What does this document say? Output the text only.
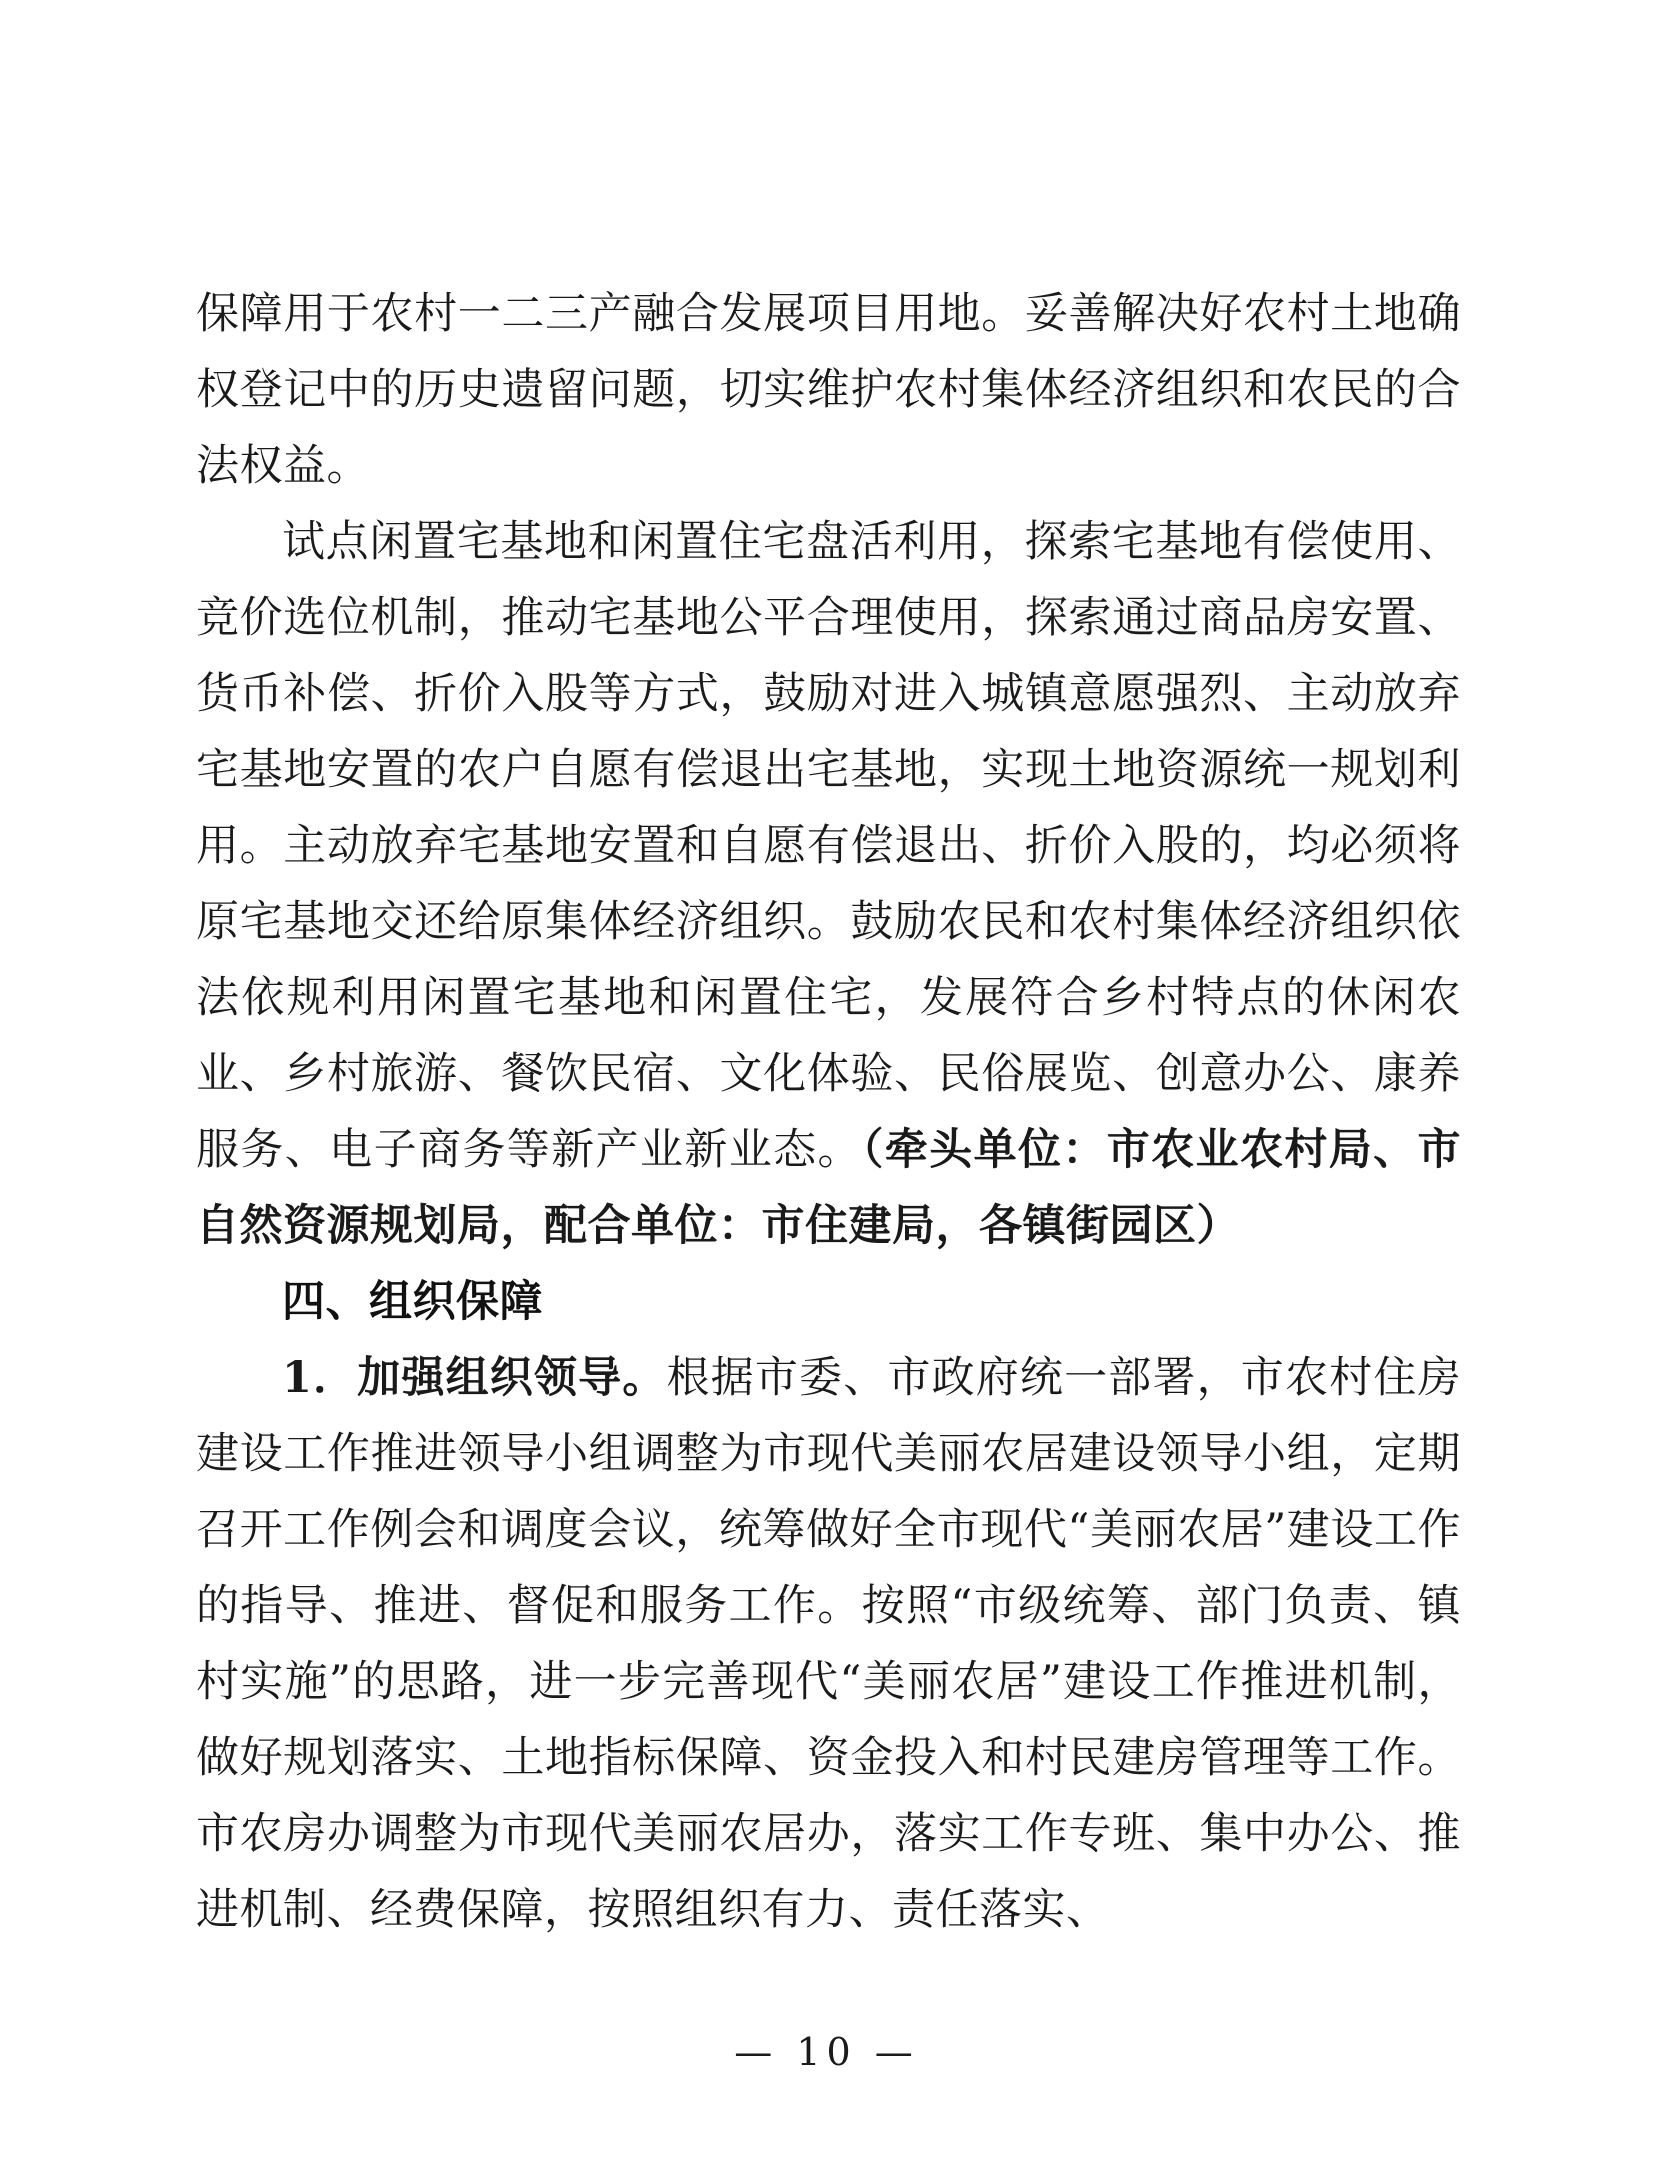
保障用于农村一二三产融合发展项目用地。妥善解决好农村土地确权登记中的历史遗留问题，切实维护农村集体经济组织和农民的合法权益。

试点闲置宅基地和闲置住宅盘活利用，探索宅基地有偿使用、竞价选位机制，推动宅基地公平合理使用，探索通过商品房安置、货币补偿、折价入股等方式，鼓励对进入城镇意愿强烈、主动放弃宅基地安置的农户自愿有偿退出宅基地，实现土地资源统一规划利用。主动放弃宅基地安置和自愿有偿退出、折价入股的，均必须将原宅基地交还给原集体经济组织。鼓励农民和农村集体经济组织依法依规利用闲置宅基地和闲置住宅，发展符合乡村特点的休闲农业、乡村旅游、餐饮民宿、文化体验、民俗展览、创意办公、康养服务、电子商务等新产业新业态。（牵头单位：市农业农村局、市自然资源规划局，配合单位：市住建局，各镇街园区）

四、组织保障

1．加强组织领导。根据市委、市政府统一部署，市农村住房建设工作推进领导小组调整为市现代美丽农居建设领导小组，定期召开工作例会和调度会议，统筹做好全市现代“美丽农居”建设工作的指导、推进、督促和服务工作。按照“市级统筹、部门负责、镇村实施”的思路，进一步完善现代“美丽农居”建设工作推进机制，做好规划落实、土地指标保障、资金投入和村民建房管理等工作。市农房办调整为市现代美丽农居办，落实工作专班、集中办公、推进机制、经费保障，按照组织有力、责任落实、

— 10 —
